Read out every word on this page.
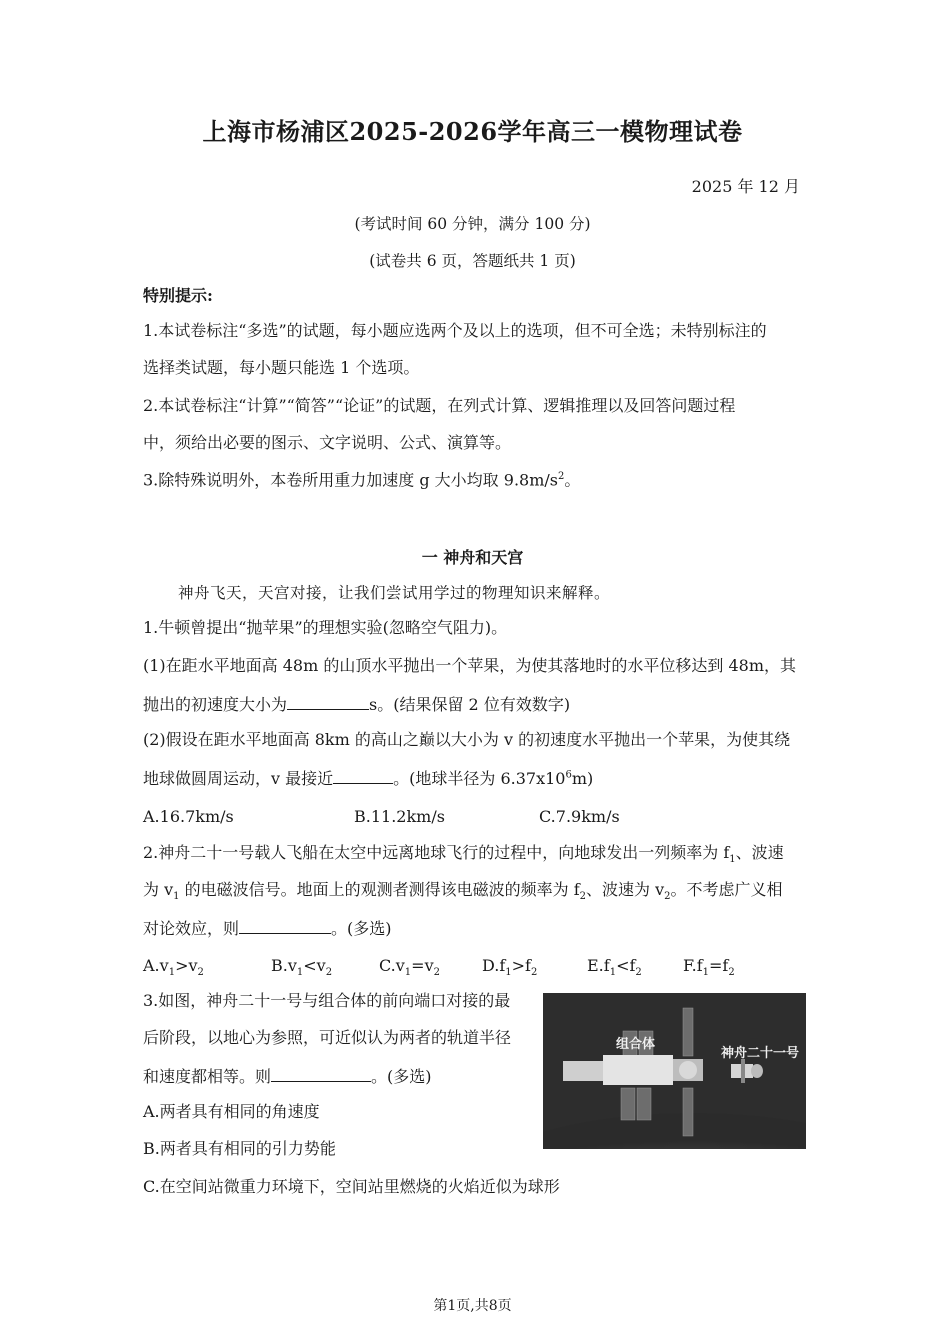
上海市杨浦区2025-2026学年高三一模物理试卷
2025 年 12 月
(考试时间 60 分钟，满分 100 分)
(试卷共 6 页，答题纸共 1 页)
特别提示:
1.本试卷标注“多选”的试题，每小题应选两个及以上的选项，但不可全选；未特别标注的
选择类试题，每小题只能选 1 个选项。
2.本试卷标注“计算”“简答”“论证”的试题，在列式计算、逻辑推理以及回答问题过程
中，须给出必要的图示、文字说明、公式、演算等。
3.除特殊说明外，本卷所用重力加速度 g 大小均取 $9.8m/s^2$。
一 神舟和天宫
神舟飞天，天宫对接，让我们尝试用学过的物理知识来解释。
1.牛顿曾提出“抛苹果”的理想实验(忽略空气阻力)。
(1)在距水平地面高 48m 的山顶水平抛出一个苹果，为使其落地时的水平位移达到 48m，其
抛出的初速度大小为	s。(结果保留 2 位有效数字)
(2)假设在距水平地面高 8km 的高山之巅以大小为 v 的初速度水平抛出一个苹果，为使其绕
地球做圆周运动，v 最接近	。(地球半径为 $6.37x10^6m$)
A.16.7km/s	B.11.2km/s	C.7.9km/s
2.神舟二十一号载人飞船在太空中远离地球飞行的过程中，向地球发出一列频率为 $f_1$、波速
为 $v_1$ 的电磁波信号。地面上的观测者测得该电磁波的频率为 $f_2$、波速为 $v_2$。不考虑广义相
对论效应，则	。(多选)
$A.v_1>v_2$	$B.v_1<v_2$	$C.v_1=v_2$	$D.f_1>f_2$	$E.f_1<f_2$	$F.f_1=f_2$
3.如图，神舟二十一号与组合体的前向端口对接的最
后阶段，以地心为参照，可近似认为两者的轨道半径
和速度都相等。则	。(多选)
A.两者具有相同的角速度
B.两者具有相同的引力势能
C.在空间站微重力环境下，空间站里燃烧的火焰近似为球形
组合体
神舟二十一号
第1页,共8页
